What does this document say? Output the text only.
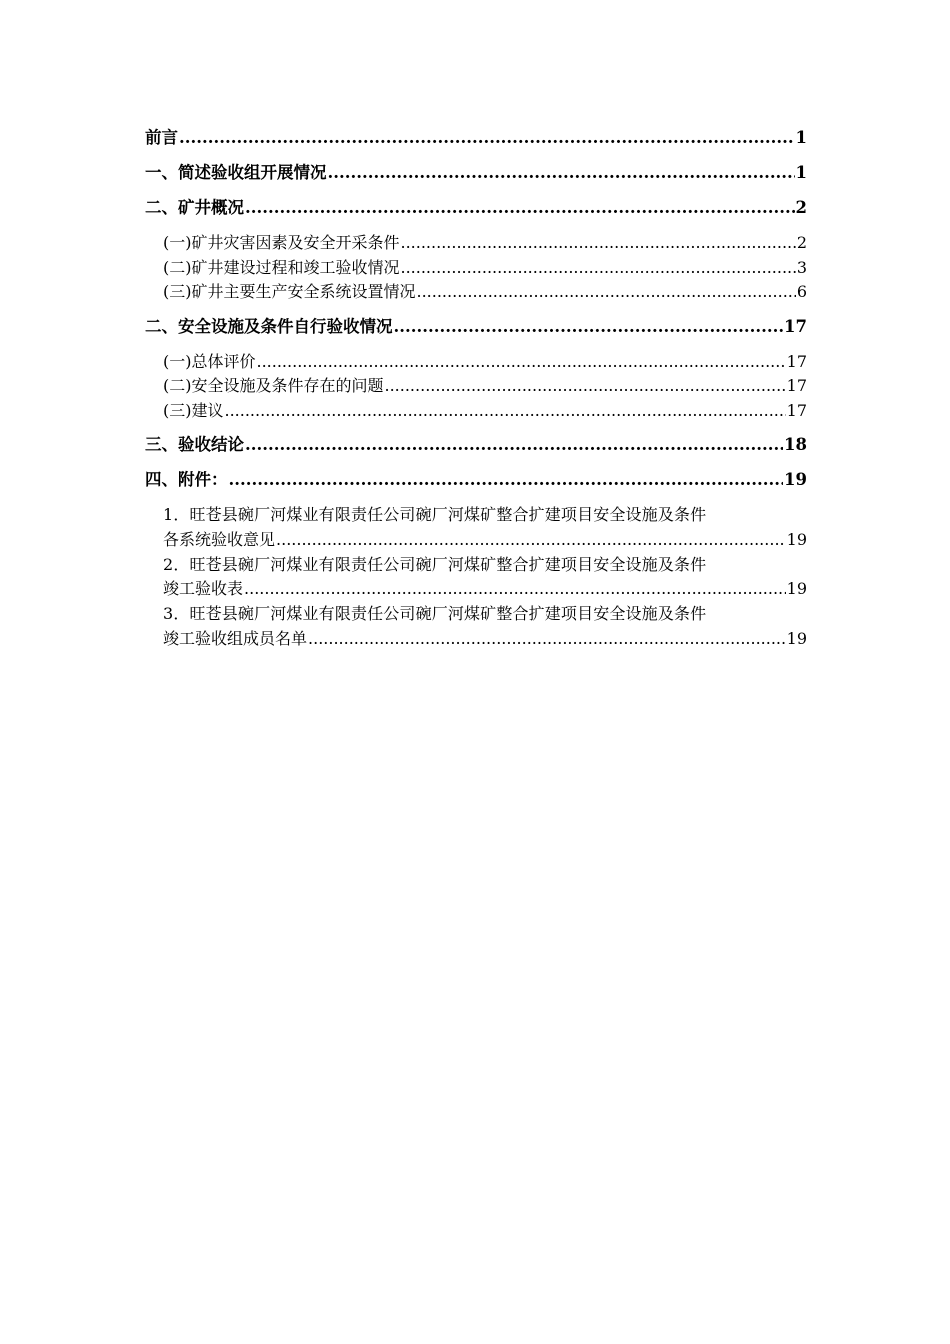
前言 .....	1
一、简述验收组开展情况 .....	1
二、矿井概况 .....	2
(一)矿井灾害因素及安全开采条件 .....	2
(二)矿井建设过程和竣工验收情况 .....	3
(三)矿井主要生产安全系统设置情况 .....	6
二、安全设施及条件自行验收情况 .....	17
(一)总体评价 .....	17
(二)安全设施及条件存在的问题 .....	17
(三)建议 .....	17
三、验收结论 .....	18
四、附件： .....	19
1．旺苍县碗厂河煤业有限责任公司碗厂河煤矿整合扩建项目安全设施及条件
各系统验收意见 .....	19
2．旺苍县碗厂河煤业有限责任公司碗厂河煤矿整合扩建项目安全设施及条件
竣工验收表 .....	19
3．旺苍县碗厂河煤业有限责任公司碗厂河煤矿整合扩建项目安全设施及条件
竣工验收组成员名单 .....	19
